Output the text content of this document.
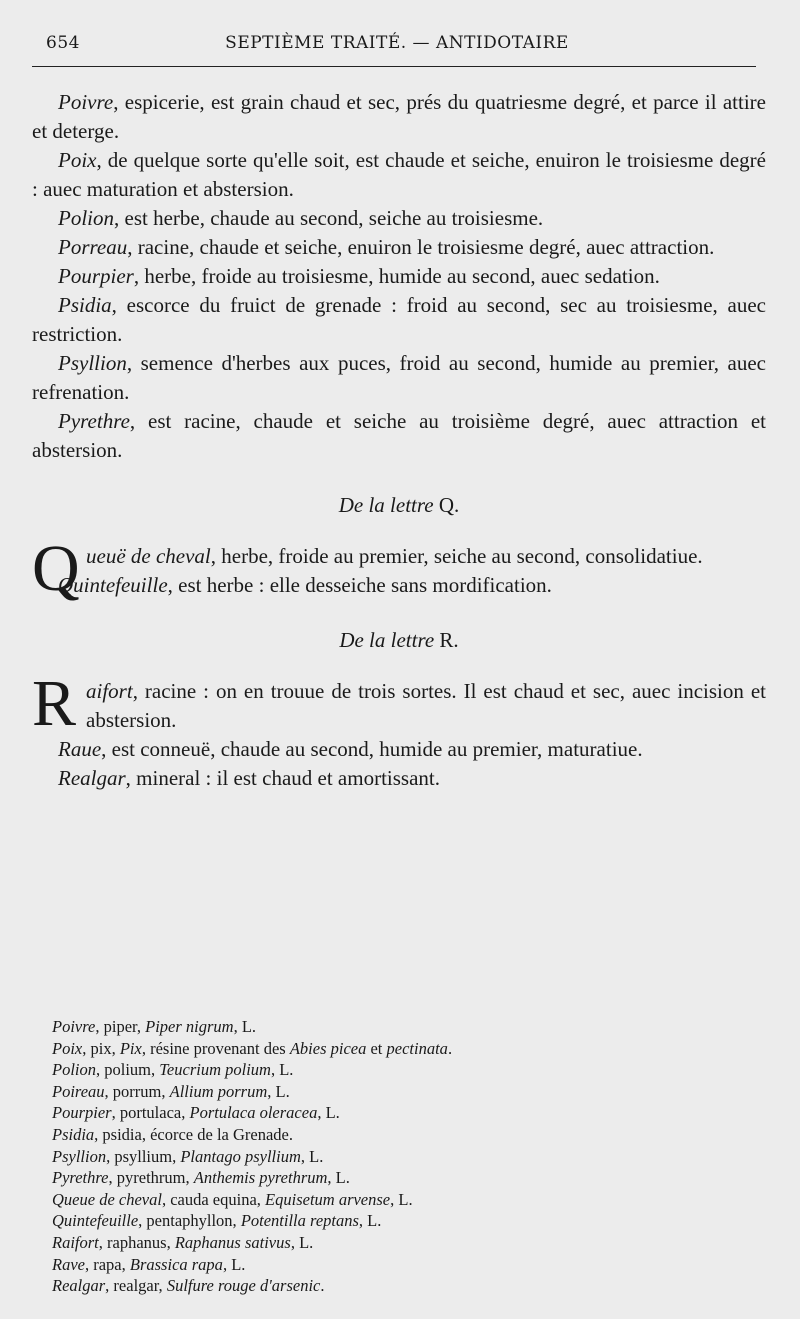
654	SEPTIÈME TRAITÉ. — ANTIDOTAIRE

Poivre, espicerie, est grain chaud et sec, prés du quatriesme degré, et parce il attire et deterge.

Poix, de quelque sorte qu'elle soit, est chaude et seiche, enuiron le troisiesme degré : auec maturation et abstersion.

Polion, est herbe, chaude au second, seiche au troisiesme.

Porreau, racine, chaude et seiche, enuiron le troisiesme degré, auec attraction.

Pourpier, herbe, froide au troisiesme, humide au second, auec sedation.

Psidia, escorce du fruict de grenade : froid au second, sec au troisiesme, auec restriction.

Psyllion, semence d'herbes aux puces, froid au second, humide au premier, auec refrenation.

Pyrethre, est racine, chaude et seiche au troisième degré, auec attraction et abstersion.

De la lettre Q.

Q ueuë de cheval, herbe, froide au premier, seiche au second, consolidatiue.

Quintefeuille, est herbe : elle desseiche sans mordification.

De la lettre R.

R aifort, racine : on en trouue de trois sortes. Il est chaud et sec, auec incision et abstersion.

Raue, est conneuë, chaude au second, humide au premier, maturatiue.

Realgar, mineral : il est chaud et amortissant.

Poivre, piper, Piper nigrum, L.
Poix, pix, Pix, résine provenant des Abies picea et pectinata.
Polion, polium, Teucrium polium, L.
Poireau, porrum, Allium porrum, L.
Pourpier, portulaca, Portulaca oleracea, L.
Psidia, psidia, écorce de la Grenade.
Psyllion, psyllium, Plantago psyllium, L.
Pyrethre, pyrethrum, Anthemis pyrethrum, L.
Queue de cheval, cauda equina, Equisetum arvense, L.
Quintefeuille, pentaphyllon, Potentilla reptans, L.
Raifort, raphanus, Raphanus sativus, L.
Rave, rapa, Brassica rapa, L.
Realgar, realgar, Sulfure rouge d'arsenic.
